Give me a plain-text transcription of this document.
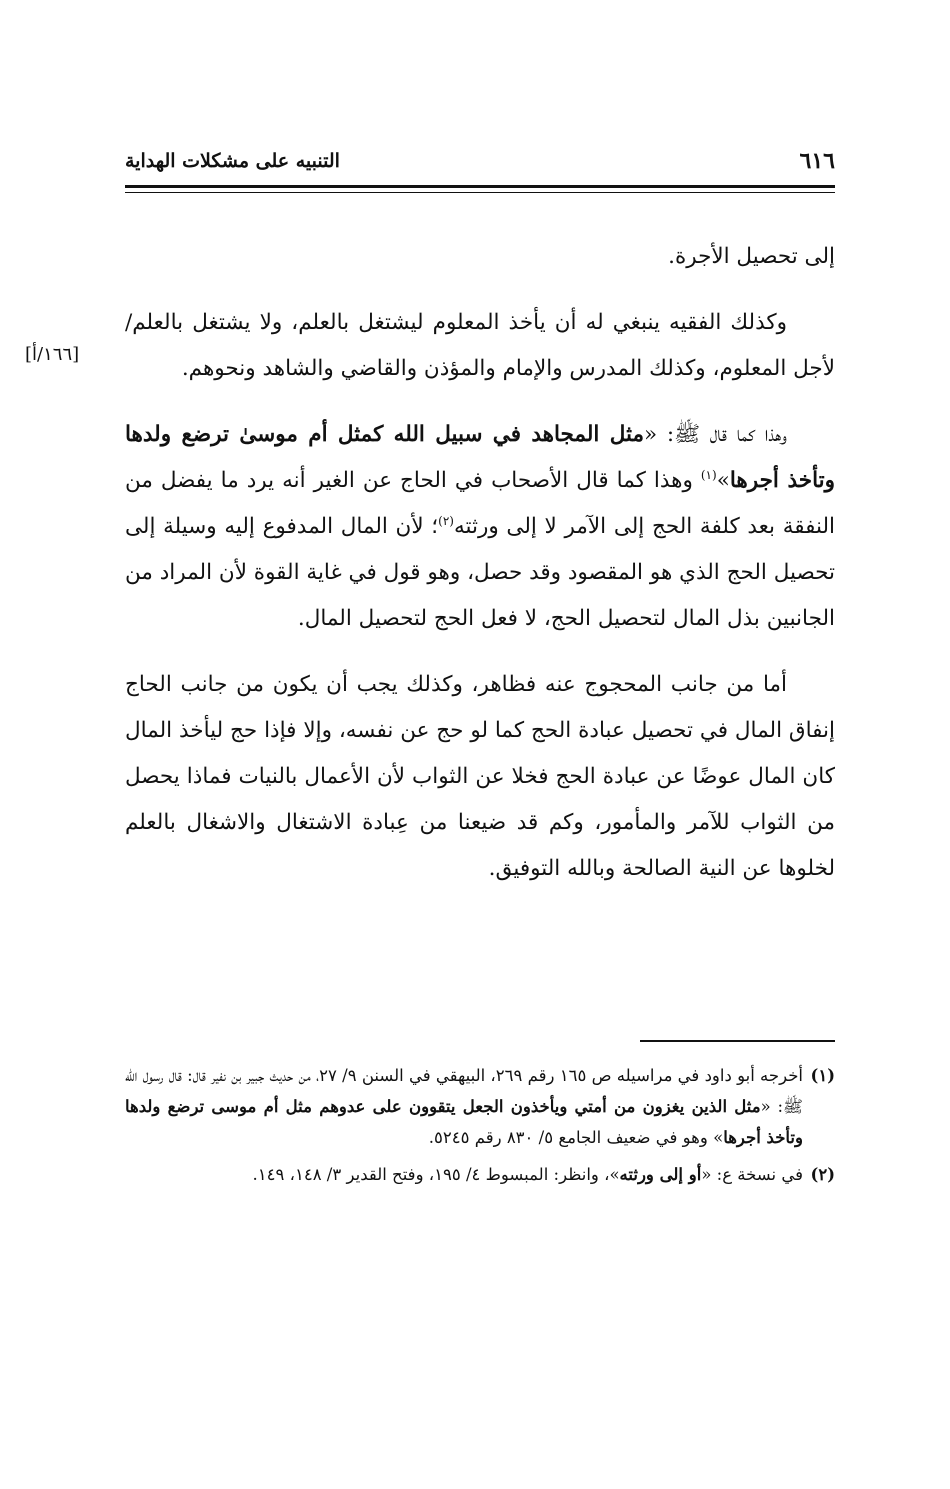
٦١٦
التنبيه على مشكلات الهداية
[١٦٦/أ]

إلى تحصيل الأجرة.

وكذلك الفقيه ينبغي له أن يأخذ المعلوم ليشتغل بالعلم، ولا يشتغل بالعلم/ لأجل المعلوم، وكذلك المدرس والإمام والمؤذن والقاضي والشاهد ونحوهم.

وهذا كما قال ﷺ: «مثل المجاهد في سبيل الله كمثل أم موسىٰ ترضع ولدها وتأخذ أجرها»$^{(١)}$ وهذا كما قال الأصحاب في الحاج عن الغير أنه يرد ما يفضل من النفقة بعد كلفة الحج إلى الآمر لا إلى ورثته$^{(٢)}$؛ لأن المال المدفوع إليه وسيلة إلى تحصيل الحج الذي هو المقصود وقد حصل، وهو قول في غاية القوة لأن المراد من الجانبين بذل المال لتحصيل الحج، لا فعل الحج لتحصيل المال.

أما من جانب المحجوج عنه فظاهر، وكذلك يجب أن يكون من جانب الحاج إنفاق المال في تحصيل عبادة الحج كما لو حج عن نفسه، وإلا فإذا حج ليأخذ المال كان المال عوضًا عن عبادة الحج فخلا عن الثواب لأن الأعمال بالنيات فماذا يحصل من الثواب للآمر والمأمور، وكم قد ضيعنا من عِبادة الاشتغال والاشغال بالعلم لخلوها عن النية الصالحة وبالله التوفيق.

(١)
أخرجه أبو داود في مراسيله ص ١٦٥ رقم ٢٦٩، البيهقي في السنن ٩/ ٢٧، من حديث جبير بن نفير قال: قال رسول الله ﷺ: «مثل الذين يغزون من أمتي ويأخذون الجعل يتقوون على عدوهم مثل أم موسى ترضع ولدها وتأخذ أجرها» وهو في ضعيف الجامع ٥/ ٨٣٠ رقم ٥٢٤٥.
(٢)
في نسخة ع: «أو إلى ورثته»، وانظر: المبسوط ٤/ ١٩٥، وفتح القدير ٣/ ١٤٨، ١٤٩.
